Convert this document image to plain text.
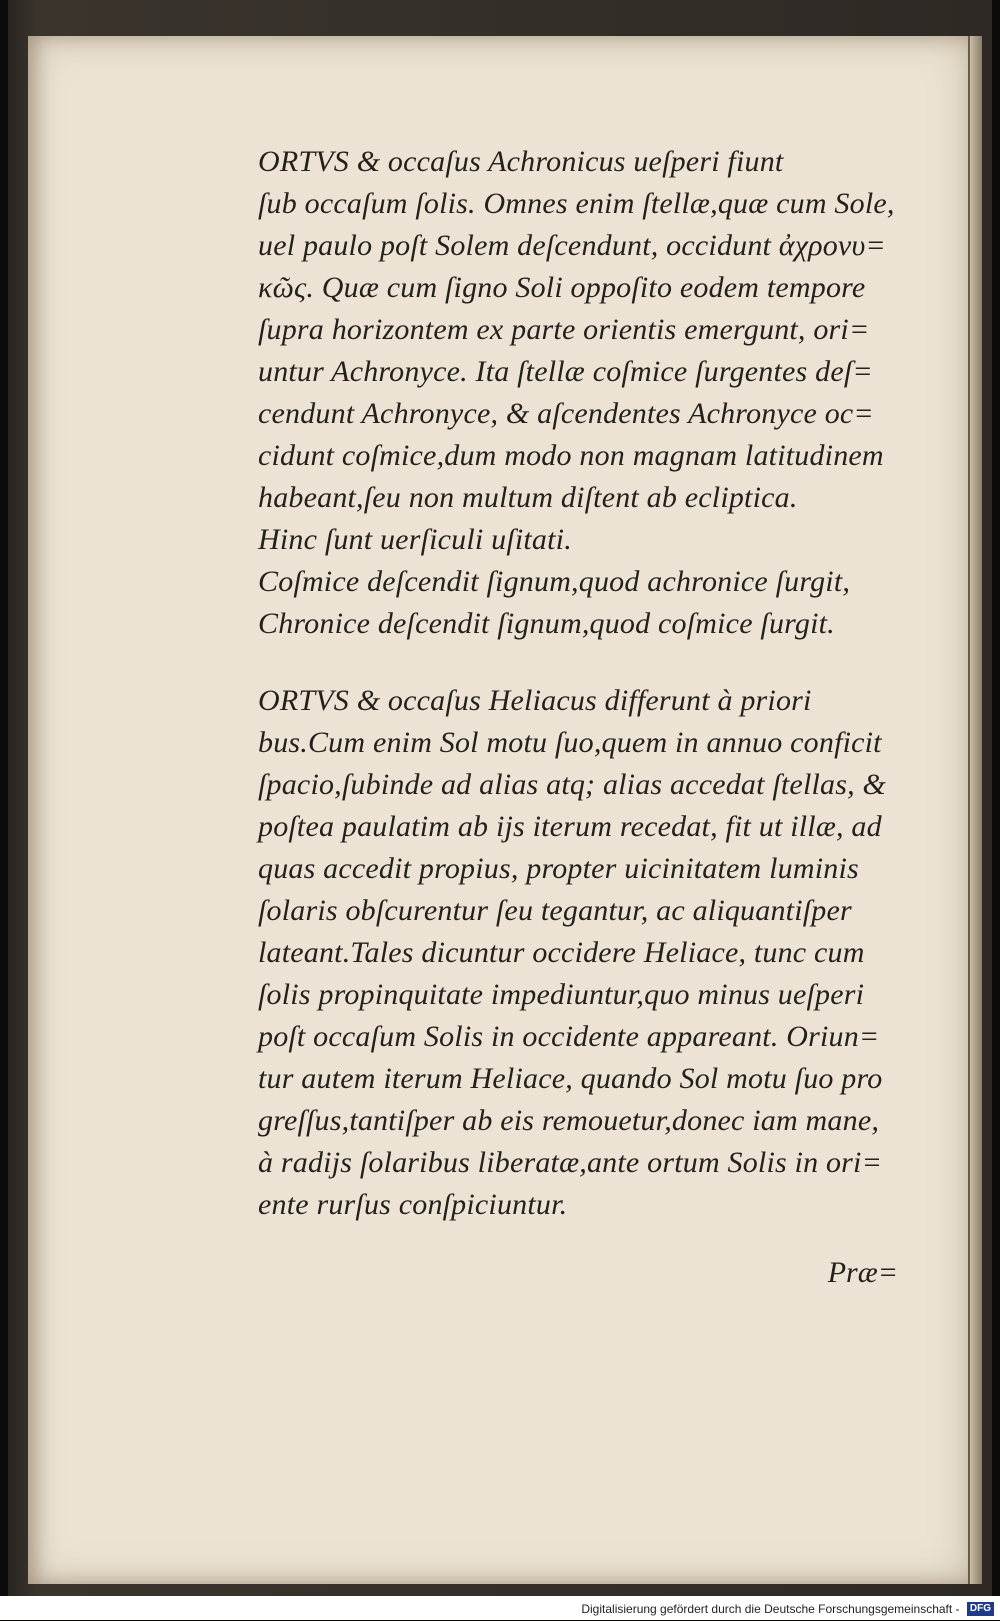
ORTVS & occaſus Achronicus ueſperi fiunt
ſub occaſum ſolis. Omnes enim ſtellæ,quæ cum Sole,
uel paulo poſt Solem deſcendunt, occidunt ἀχρονυ=
κῶς. Quæ cum ſigno Soli oppoſito eodem tempore
ſupra horizontem ex parte orientis emergunt, ori=
untur Achronyce. Ita ſtellæ coſmice ſurgentes deſ=
cendunt Achronyce, & aſcendentes Achronyce oc=
cidunt coſmice,dum modo non magnam latitudinem
habeant,ſeu non multum diſtent ab ecliptica.
Hinc ſunt uerſiculi uſitati.
Coſmice deſcendit ſignum,quod achronice ſurgit,
Chronice deſcendit ſignum,quod coſmice ſurgit.
ORTVS & occaſus Heliacus differunt à priori
bus.Cum enim Sol motu ſuo,quem in annuo conficit
ſpacio,ſubinde ad alias atq; alias accedat ſtellas, &
poſtea paulatim ab ijs iterum recedat, fit ut illæ, ad
quas accedit propius, propter uicinitatem luminis
ſolaris obſcurentur ſeu tegantur, ac aliquantiſper
lateant.Tales dicuntur occidere Heliace, tunc cum
ſolis propinquitate impediuntur,quo minus ueſperi
poſt occaſum Solis in occidente appareant. Oriun=
tur autem iterum Heliace, quando Sol motu ſuo pro
greſſus,tantiſper ab eis remouetur,donec iam mane,
à radijs ſolaribus liberatæ,ante ortum Solis in ori=
ente rurſus conſpiciuntur.

Præ=

Digitalisierung gefördert durch die Deutsche Forschungsgemeinschaft - DFG
